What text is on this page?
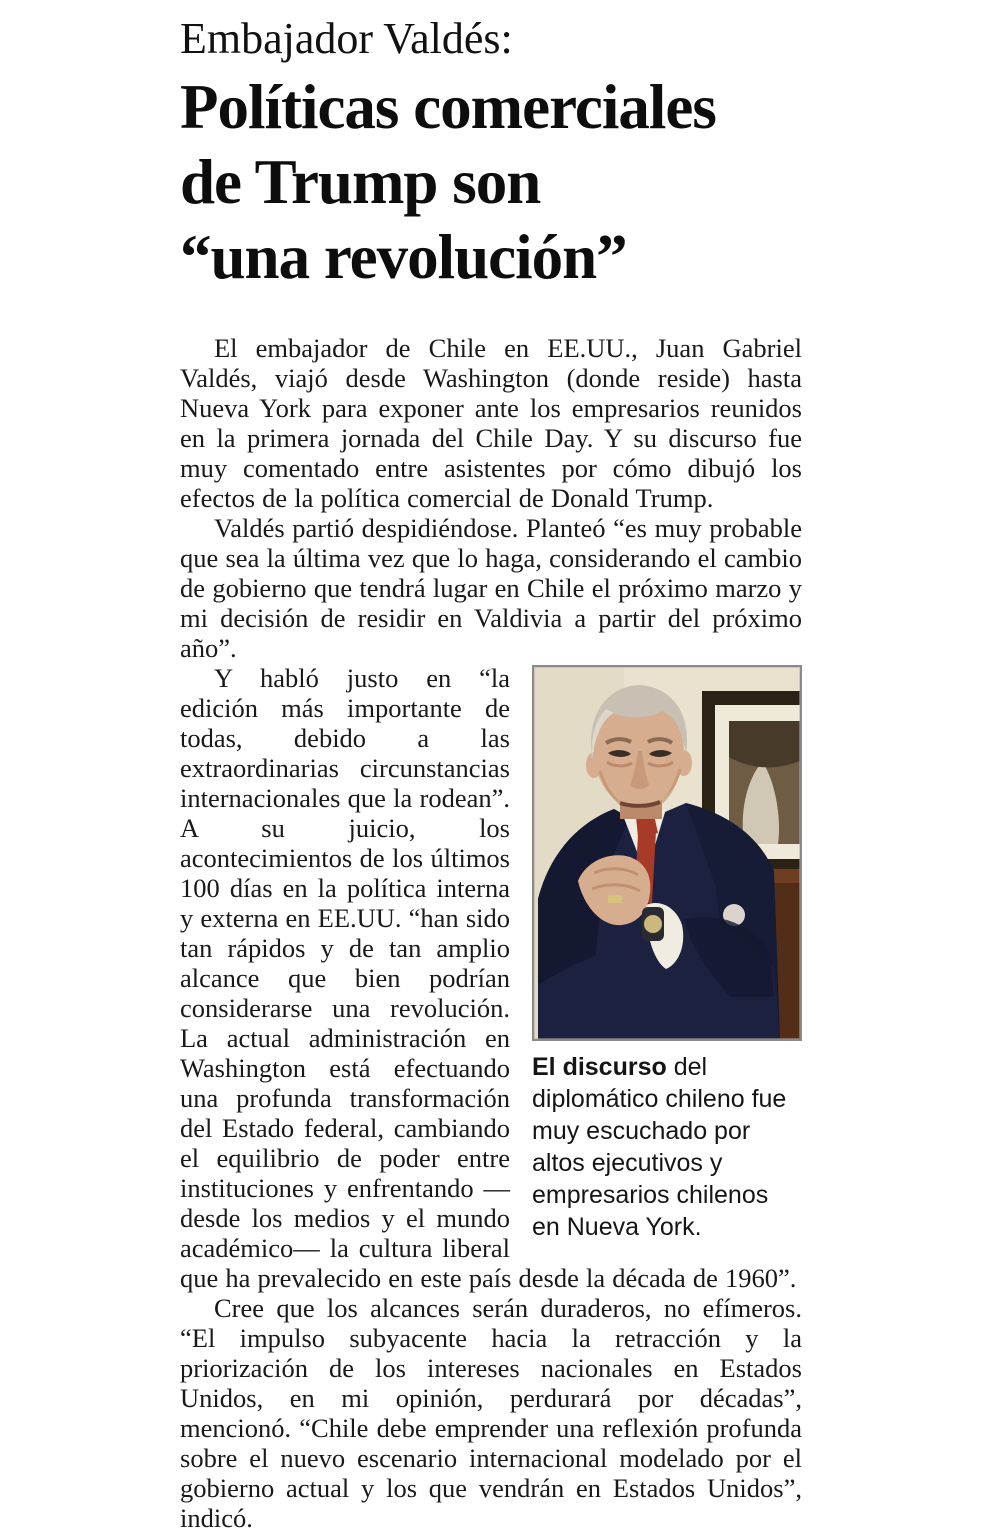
Embajador Valdés:
Políticas comerciales
de Trump son
“una revolución”

El embajador de Chile en EE.UU., Juan Gabriel Valdés, viajó desde Washington (donde reside) hasta Nueva York para exponer ante los empresarios reunidos en la primera jornada del Chile Day. Y su discurso fue muy comentado entre asistentes por cómo dibujó los efectos de la política comercial de Donald Trump.

Valdés partió despidiéndose. Planteó “es muy probable que sea la última vez que lo haga, considerando el cambio de gobierno que tendrá lugar en Chile el próximo marzo y mi decisión de residir en Valdivia a partir del próximo año”.

El discurso del diplomático chileno fue muy escuchado por altos ejecutivos y empresarios chilenos en Nueva York.

Y habló justo en “la edición más importante de todas, debido a las extraordinarias circunstancias internacionales que la rodean”. A su juicio, los acontecimientos de los últimos 100 días en la política interna y externa en EE.UU. “han sido tan rápidos y de tan amplio alcance que bien podrían considerarse una revolución. La actual administración en Washington está efectuando una profunda transformación del Estado federal, cambiando el equilibrio de poder entre instituciones y enfrentando —desde los medios y el mundo académico— la cultura liberal que ha prevalecido en este país desde la década de 1960”.

Cree que los alcances serán duraderos, no efímeros. “El impulso subyacente hacia la retracción y la priorización de los intereses nacionales en Estados Unidos, en mi opinión, perdurará por décadas”, mencionó. “Chile debe emprender una reflexión profunda sobre el nuevo escenario internacional modelado por el gobierno actual y los que vendrán en Estados Unidos”, indicó.
